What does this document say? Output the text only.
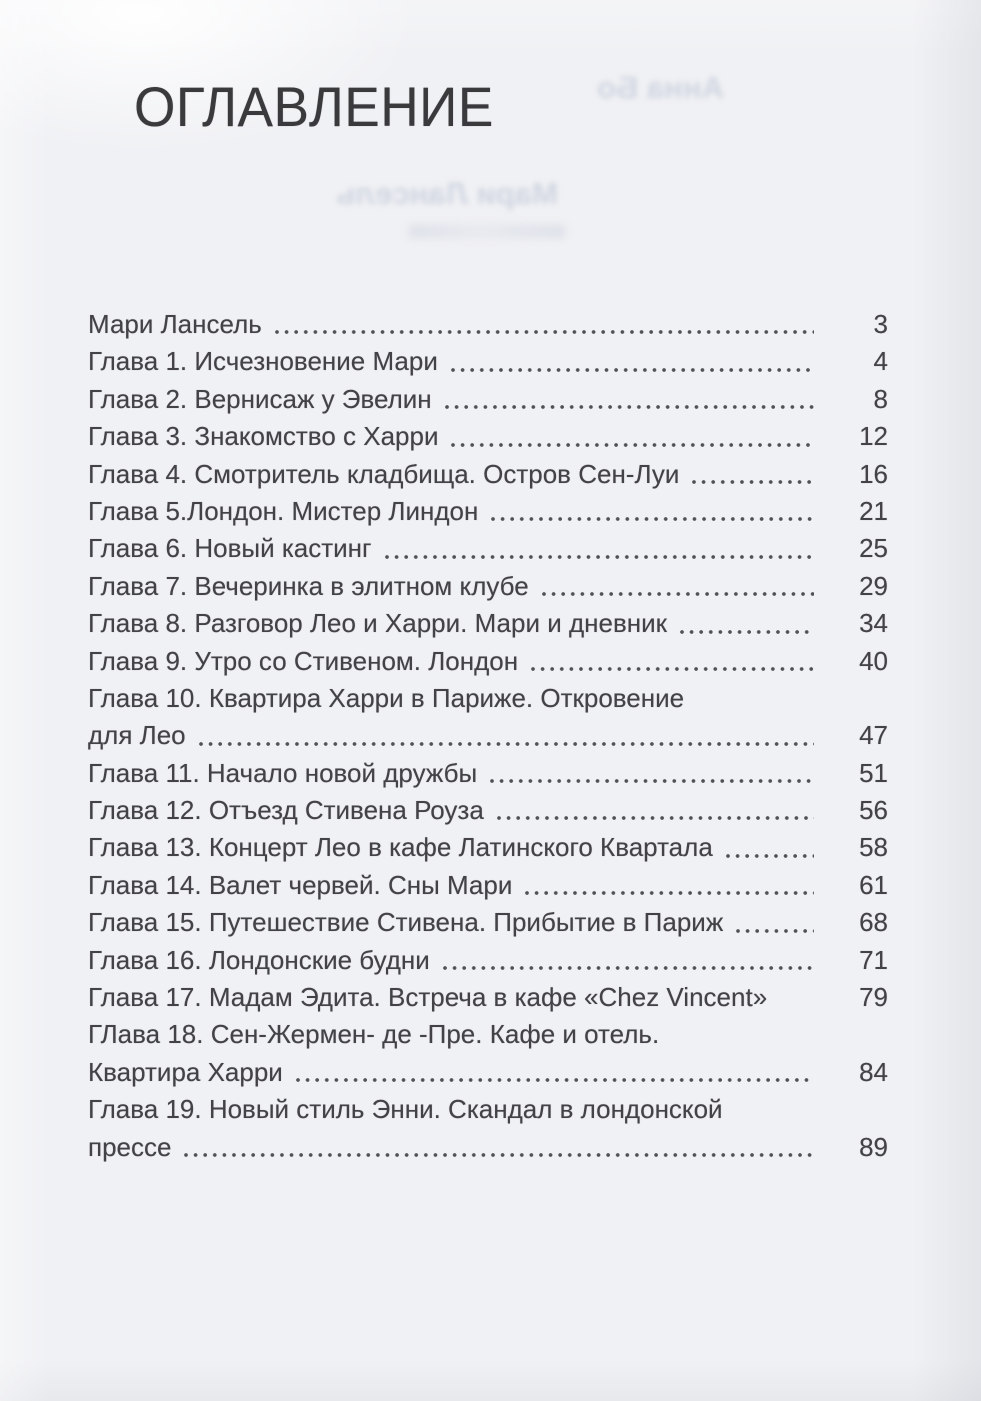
Анна Бо
Мари Лансель
ОГЛАВЛЕНИЕ
Мари Лансель	3
Глава 1. Исчезновение Мари	4
Глава 2. Вернисаж у Эвелин	8
Глава 3. Знакомство с Харри	12
Глава 4. Смотритель кладбища. Остров Сен-Луи	16
Глава 5.Лондон. Мистер Линдон	21
Глава 6. Новый кастинг	25
Глава 7. Вечеринка в элитном клубе	29
Глава 8. Разговор Лео и Харри. Мари и дневник	34
Глава 9. Утро со Стивеном. Лондон	40
Глава 10. Квартира Харри в Париже. Откровение
для Лео	47
Глава 11. Начало новой дружбы	51
Глава 12. Отъезд Стивена Роуза	56
Глава 13. Концерт Лео в кафе Латинского Квартала	58
Глава 14. Валет червей. Сны Мари	61
Глава 15. Путешествие Стивена. Прибытие в Париж	68
Глава 16. Лондонские будни	71
Глава 17. Мадам Эдита. Встреча в кафе «Chez Vincent»	79
ГЛава 18. Сен-Жермен- де -Пре. Кафе и отель.
Квартира Харри	84
Глава 19. Новый стиль Энни. Скандал в лондонской
прессе	89
